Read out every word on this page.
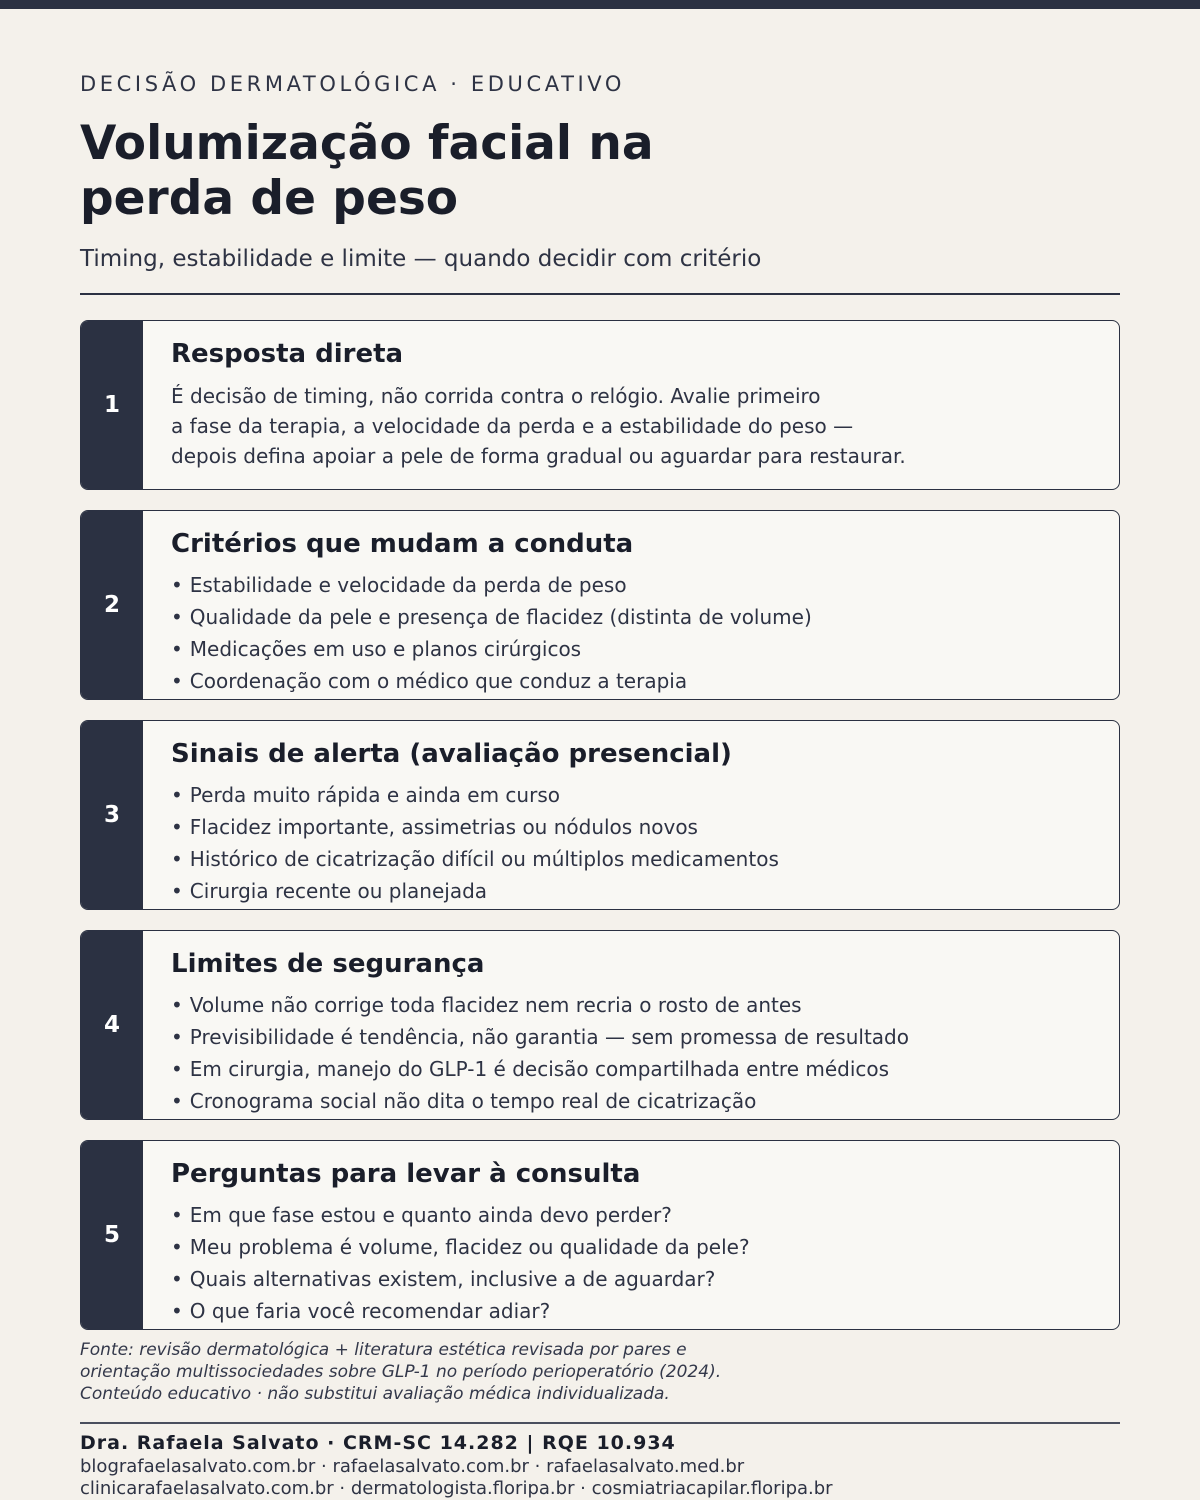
DECISÃO DERMATOLÓGICA · EDUCATIVO

Volumização facial na
perda de peso

Timing, estabilidade e limite — quando decidir com critério

1
Resposta direta

É decisão de timing, não corrida contra o relógio. Avalie primeiro
a fase da terapia, a velocidade da perda e a estabilidade do peso —
depois defina apoiar a pele de forma gradual ou aguardar para restaurar.

2
Critérios que mudam a conduta
• Estabilidade e velocidade da perda de peso
• Qualidade da pele e presença de flacidez (distinta de volume)
• Medicações em uso e planos cirúrgicos
• Coordenação com o médico que conduz a terapia
3
Sinais de alerta (avaliação presencial)
• Perda muito rápida e ainda em curso
• Flacidez importante, assimetrias ou nódulos novos
• Histórico de cicatrização difícil ou múltiplos medicamentos
• Cirurgia recente ou planejada
4
Limites de segurança
• Volume não corrige toda flacidez nem recria o rosto de antes
• Previsibilidade é tendência, não garantia — sem promessa de resultado
• Em cirurgia, manejo do GLP-1 é decisão compartilhada entre médicos
• Cronograma social não dita o tempo real de cicatrização
5
Perguntas para levar à consulta
• Em que fase estou e quanto ainda devo perder?
• Meu problema é volume, flacidez ou qualidade da pele?
• Quais alternativas existem, inclusive a de aguardar?
• O que faria você recomendar adiar?
Fonte: revisão dermatológica + literatura estética revisada por pares e
orientação multissociedades sobre GLP-1 no período perioperatório (2024).
Conteúdo educativo · não substitui avaliação médica individualizada.
Dra. Rafaela Salvato · CRM-SC 14.282 | RQE 10.934
blografaelasalvato.com.br · rafaelasalvato.com.br · rafaelasalvato.med.br
clinicarafaelasalvato.com.br · dermatologista.floripa.br · cosmiatriacapilar.floripa.br
